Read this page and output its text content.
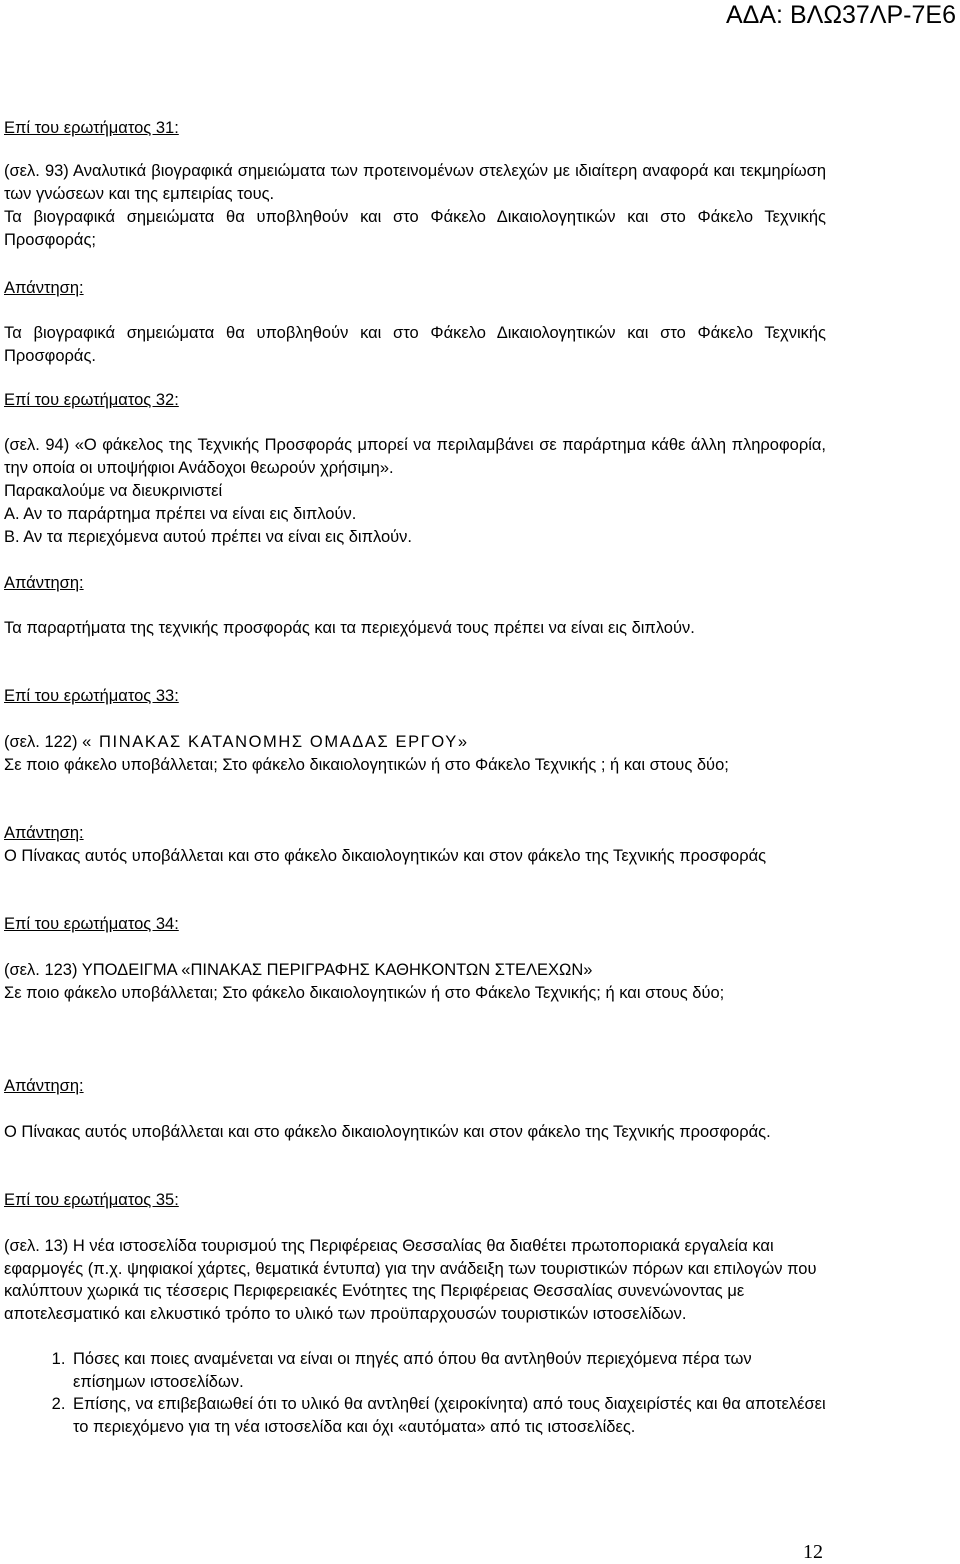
ΑΔΑ: ΒΛΩ37ΛΡ-7Ε6
Επί του ερωτήματος 31:
(σελ. 93) Αναλυτικά βιογραφικά σημειώματα των προτεινομένων στελεχών με ιδιαίτερη αναφορά και τεκμηρίωση των γνώσεων και της εμπειρίας τους.
Τα βιογραφικά σημειώματα θα υποβληθούν και στο Φάκελο Δικαιολογητικών και στο Φάκελο Τεχνικής Προσφοράς;
Απάντηση:
Τα βιογραφικά σημειώματα θα υποβληθούν και στο Φάκελο Δικαιολογητικών και στο Φάκελο Τεχνικής Προσφοράς.
Επί του ερωτήματος 32:
(σελ. 94) «Ο φάκελος της Τεχνικής Προσφοράς μπορεί να περιλαμβάνει σε παράρτημα κάθε άλλη πληροφορία, την οποία οι υποψήφιοι Ανάδοχοι θεωρούν χρήσιμη».
Παρακαλούμε να διευκρινιστεί
Α. Αν το παράρτημα πρέπει να είναι εις διπλούν.
Β. Αν τα περιεχόμενα αυτού πρέπει να είναι εις διπλούν.
Απάντηση:
Τα παραρτήματα της τεχνικής προσφοράς και τα περιεχόμενά τους πρέπει να είναι εις διπλούν.
Επί του ερωτήματος 33:
(σελ. 122) « ΠΙΝΑΚΑΣ ΚΑΤΑΝΟΜΗΣ ΟΜΑΔΑΣ ΕΡΓΟΥ»
Σε ποιο φάκελο υποβάλλεται; Στο φάκελο δικαιολογητικών ή στο Φάκελο Τεχνικής ; ή και στους δύο;
Απάντηση:
Ο Πίνακας αυτός υποβάλλεται και στο φάκελο δικαιολογητικών και στον φάκελο της Τεχνικής προσφοράς
Επί του ερωτήματος 34:
(σελ. 123) ΥΠΟΔΕΙΓΜΑ «ΠΙΝΑΚΑΣ ΠΕΡΙΓΡΑΦΗΣ ΚΑΘΗΚΟΝΤΩΝ ΣΤΕΛΕΧΩΝ»
Σε ποιο φάκελο υποβάλλεται; Στο φάκελο δικαιολογητικών ή στο Φάκελο Τεχνικής; ή και στους δύο;
Απάντηση:
Ο Πίνακας αυτός υποβάλλεται και στο φάκελο δικαιολογητικών και στον φάκελο της Τεχνικής προσφοράς.
Επί του ερωτήματος 35:
(σελ. 13) Η νέα ιστοσελίδα τουρισμού της Περιφέρειας Θεσσαλίας θα διαθέτει πρωτοποριακά εργαλεία και εφαρμογές (π.χ. ψηφιακοί χάρτες, θεματικά έντυπα) για την ανάδειξη των τουριστικών πόρων και επιλογών που καλύπτουν χωρικά τις τέσσερις Περιφερειακές Ενότητες της Περιφέρειας Θεσσαλίας συνενώνοντας με αποτελεσματικό και ελκυστικό τρόπο το υλικό των προϋπαρχουσών τουριστικών ιστοσελίδων.
1. Πόσες και ποιες αναμένεται να είναι οι πηγές από όπου θα αντληθούν περιεχόμενα πέρα των επίσημων ιστοσελίδων.
2. Επίσης, να επιβεβαιωθεί ότι το υλικό θα αντληθεί (χειροκίνητα) από τους διαχειρίστές και θα αποτελέσει το περιεχόμενο για τη νέα ιστοσελίδα και όχι «αυτόματα» από τις ιστοσελίδες.
12
